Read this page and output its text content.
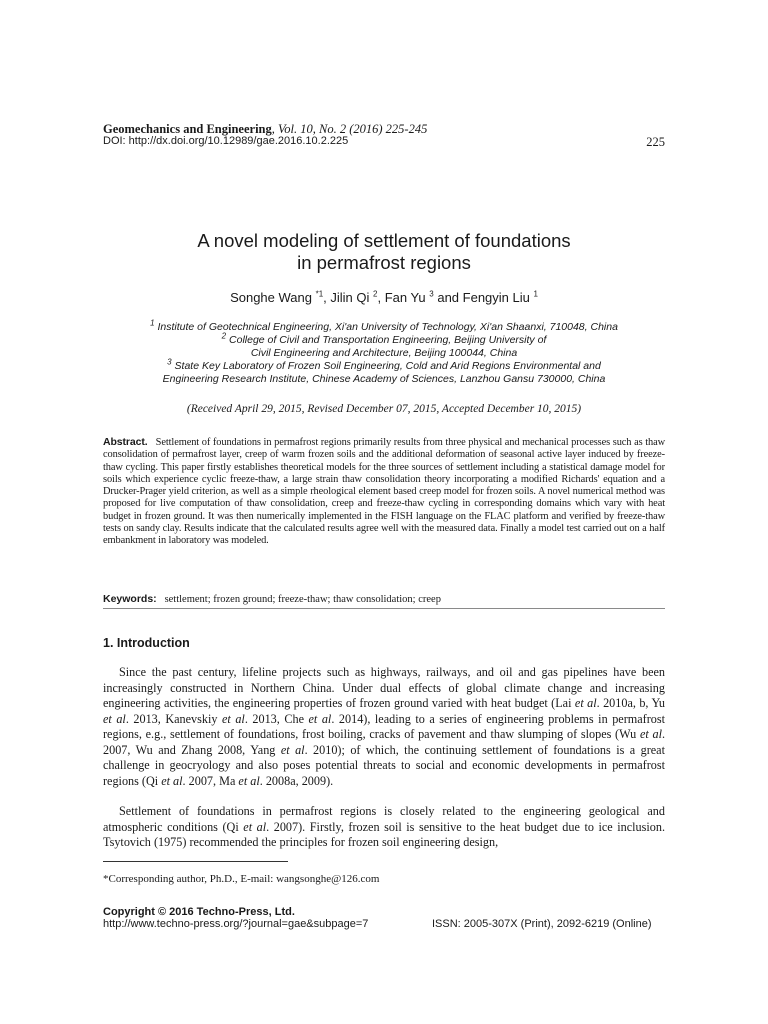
Geomechanics and Engineering, Vol. 10, No. 2 (2016) 225-245
DOI: http://dx.doi.org/10.12989/gae.2016.10.2.225	225
A novel modeling of settlement of foundations
in permafrost regions
Songhe Wang $^{*1}$, Jilin Qi $^2$, Fan Yu $^3$ and Fengyin Liu $^1$
$^1$ Institute of Geotechnical Engineering, Xi'an University of Technology, Xi'an Shaanxi, 710048, China
$^2$ College of Civil and Transportation Engineering, Beijing University of
Civil Engineering and Architecture, Beijing 100044, China
$^3$ State Key Laboratory of Frozen Soil Engineering, Cold and Arid Regions Environmental and
Engineering Research Institute, Chinese Academy of Sciences, Lanzhou Gansu 730000, China
(Received April 29, 2015, Revised December 07, 2015, Accepted December 10, 2015)
Abstract. Settlement of foundations in permafrost regions primarily results from three physical and mechanical processes such as thaw consolidation of permafrost layer, creep of warm frozen soils and the additional deformation of seasonal active layer induced by freeze-thaw cycling. This paper firstly establishes theoretical models for the three sources of settlement including a statistical damage model for soils which experience cyclic freeze-thaw, a large strain thaw consolidation theory incorporating a modified Richards' equation and a Drucker-Prager yield criterion, as well as a simple rheological element based creep model for frozen soils. A novel numerical method was proposed for live computation of thaw consolidation, creep and freeze-thaw cycling in corresponding domains which vary with heat budget in frozen ground. It was then numerically implemented in the FISH language on the FLAC platform and verified by freeze-thaw tests on sandy clay. Results indicate that the calculated results agree well with the measured data. Finally a model test carried out on a half embankment in laboratory was modeled.
Keywords: settlement; frozen ground; freeze-thaw; thaw consolidation; creep
1. Introduction
Since the past century, lifeline projects such as highways, railways, and oil and gas pipelines have been increasingly constructed in Northern China. Under dual effects of global climate change and increasing engineering activities, the engineering properties of frozen ground varied with heat budget (Lai et al. 2010a, b, Yu et al. 2013, Kanevskiy et al. 2013, Che et al. 2014), leading to a series of engineering problems in permafrost regions, e.g., settlement of foundations, frost boiling, cracks of pavement and thaw slumping of slopes (Wu et al. 2007, Wu and Zhang 2008, Yang et al. 2010); of which, the continuing settlement of foundations is a great challenge in geocryology and also poses potential threats to social and economic developments in permafrost regions (Qi et al. 2007, Ma et al. 2008a, 2009).
Settlement of foundations in permafrost regions is closely related to the engineering geological and atmospheric conditions (Qi et al. 2007). Firstly, frozen soil is sensitive to the heat budget due to ice inclusion. Tsytovich (1975) recommended the principles for frozen soil engineering design,
*Corresponding author, Ph.D., E-mail: wangsonghe@126.com
Copyright © 2016 Techno-Press, Ltd.
http://www.techno-press.org/?journal=gae&subpage=7	ISSN: 2005-307X (Print), 2092-6219 (Online)
